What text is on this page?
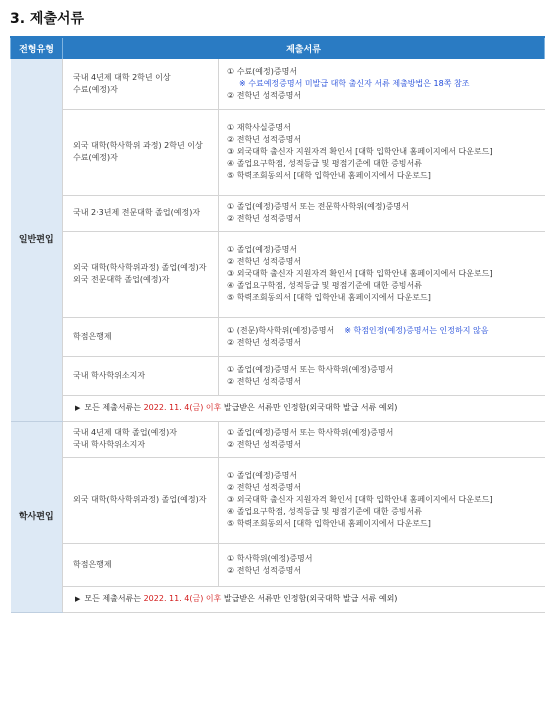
3. 제출서류
전형유형	제출서류	
일반편입	국내 4년제 대학 2학년 이상
수료(예정)자	① 수료(예정)증명서
※ 수료예정증명서 미발급 대학 출신자 서류 제출방법은 18쪽 참조
② 전학년 성적증명서

	외국 대학(학사학위 과정) 2학년 이상
수료(예정)자	① 재학사실증명서
② 전학년 성적증명서
③ 외국대학 출신자 지원자격 확인서 [대학 입학안내 홈페이지에서 다운로드]
④ 졸업요구학점, 성적등급 및 평점기준에 대한 증빙서류
⑤ 학력조회동의서 [대학 입학안내 홈페이지에서 다운로드]

	국내 2·3년제 전문대학 졸업(예정)자	① 졸업(예정)증명서 또는 전문학사학위(예정)증명서
② 전학년 성적증명서

	외국 대학(학사학위과정) 졸업(예정)자
외국 전문대학 졸업(예정)자	① 졸업(예정)증명서
② 전학년 성적증명서
③ 외국대학 출신자 지원자격 확인서 [대학 입학안내 홈페이지에서 다운로드]
④ 졸업요구학점, 성적등급 및 평점기준에 대한 증빙서류
⑤ 학력조회동의서 [대학 입학안내 홈페이지에서 다운로드]

	학점은행제	① (전문)학사학위(예정)증명서 ※ 학점인정(예정)증명서는 인정하지 않음
② 전학년 성적증명서

	국내 학사학위소지자	① 졸업(예정)증명서 또는 학사학위(예정)증명서
② 전학년 성적증명서

	▶ 모든 제출서류는 2022. 11. 4(금) 이후 발급받은 서류만 인정함(외국대학 발급 서류 예외)	
학사편입	국내 4년제 대학 졸업(예정)자
국내 학사학위소지자	① 졸업(예정)증명서 또는 학사학위(예정)증명서
② 전학년 성적증명서

	외국 대학(학사학위과정) 졸업(예정)자	① 졸업(예정)증명서
② 전학년 성적증명서
③ 외국대학 출신자 지원자격 확인서 [대학 입학안내 홈페이지에서 다운로드]
④ 졸업요구학점, 성적등급 및 평점기준에 대한 증빙서류
⑤ 학력조회동의서 [대학 입학안내 홈페이지에서 다운로드]

	학점은행제	① 학사학위(예정)증명서
② 전학년 성적증명서

	▶ 모든 제출서류는 2022. 11. 4(금) 이후 발급받은 서류만 인정함(외국대학 발급 서류 예외)	
